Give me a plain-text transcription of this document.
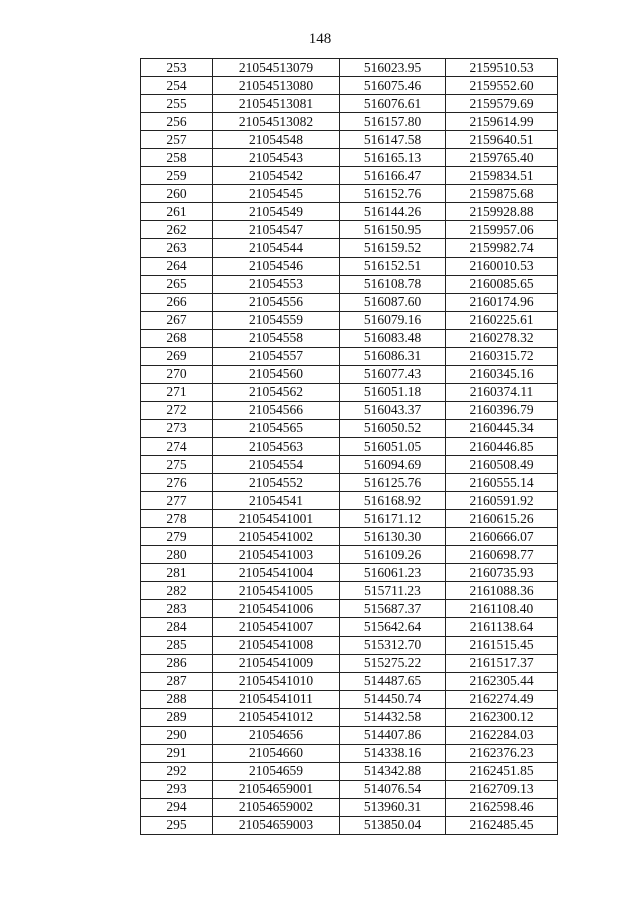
148
253	21054513079	516023.95	2159510.53
254	21054513080	516075.46	2159552.60
255	21054513081	516076.61	2159579.69
256	21054513082	516157.80	2159614.99
257	21054548	516147.58	2159640.51
258	21054543	516165.13	2159765.40
259	21054542	516166.47	2159834.51
260	21054545	516152.76	2159875.68
261	21054549	516144.26	2159928.88
262	21054547	516150.95	2159957.06
263	21054544	516159.52	2159982.74
264	21054546	516152.51	2160010.53
265	21054553	516108.78	2160085.65
266	21054556	516087.60	2160174.96
267	21054559	516079.16	2160225.61
268	21054558	516083.48	2160278.32
269	21054557	516086.31	2160315.72
270	21054560	516077.43	2160345.16
271	21054562	516051.18	2160374.11
272	21054566	516043.37	2160396.79
273	21054565	516050.52	2160445.34
274	21054563	516051.05	2160446.85
275	21054554	516094.69	2160508.49
276	21054552	516125.76	2160555.14
277	21054541	516168.92	2160591.92
278	21054541001	516171.12	2160615.26
279	21054541002	516130.30	2160666.07
280	21054541003	516109.26	2160698.77
281	21054541004	516061.23	2160735.93
282	21054541005	515711.23	2161088.36
283	21054541006	515687.37	2161108.40
284	21054541007	515642.64	2161138.64
285	21054541008	515312.70	2161515.45
286	21054541009	515275.22	2161517.37
287	21054541010	514487.65	2162305.44
288	21054541011	514450.74	2162274.49
289	21054541012	514432.58	2162300.12
290	21054656	514407.86	2162284.03
291	21054660	514338.16	2162376.23
292	21054659	514342.88	2162451.85
293	21054659001	514076.54	2162709.13
294	21054659002	513960.31	2162598.46
295	21054659003	513850.04	2162485.45
